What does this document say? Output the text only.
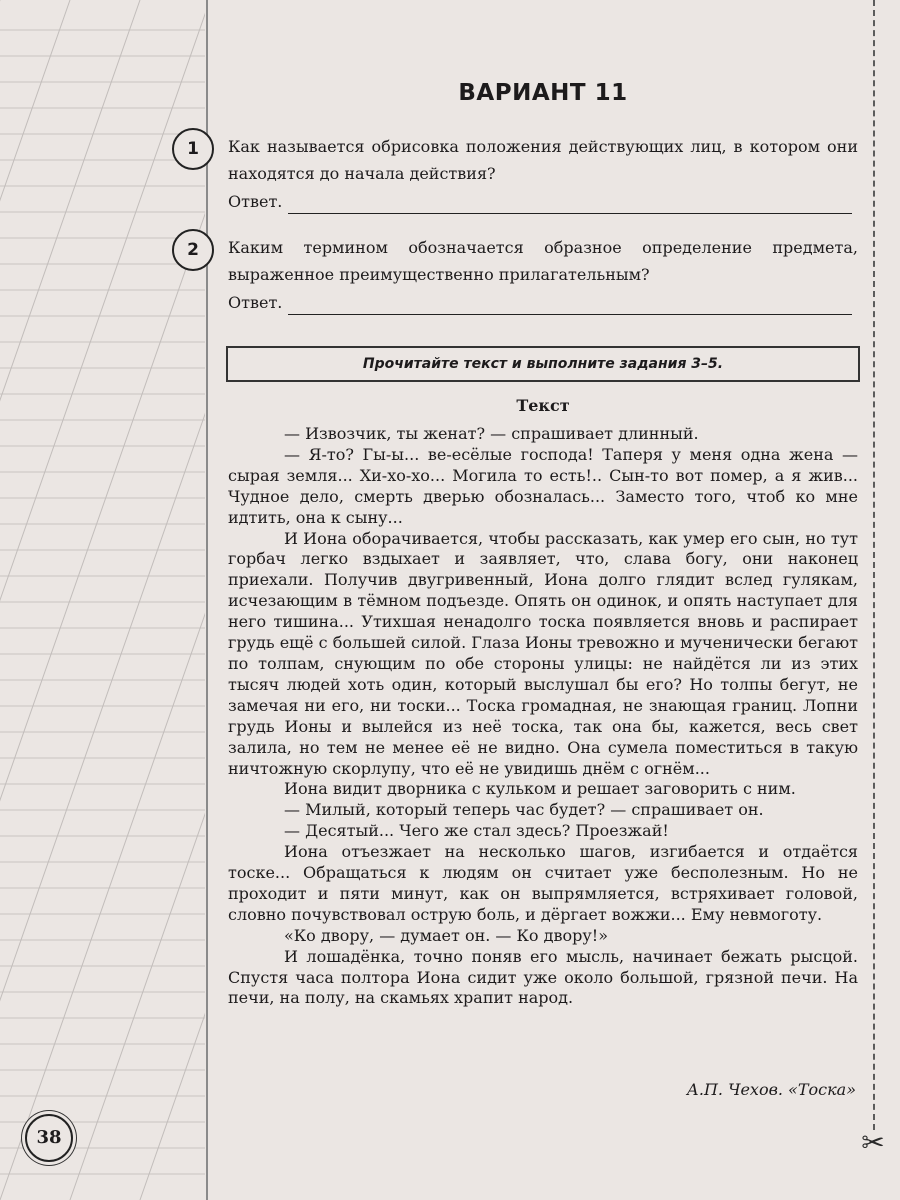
✂
ВАРИАНТ 11
1	Как называется обрисовка положения действующих лиц, в котором они находятся до начала действия?
Ответ.
2	Каким термином обозначается образное определение предмета, выраженное преимущественно прилагательным?
Ответ.
Прочитайте текст и выполните задания 3–5.
Текст

— Извозчик, ты женат? — спрашивает длинный.

— Я-то? Гы-ы... ве-есёлые господа! Таперя у меня одна жена — сырая земля... Хи-хо-хо... Могила то есть!.. Сын-то вот помер, а я жив... Чудное дело, смерть дверью обозналась... Заместо того, чтоб ко мне идтить, она к сыну...

И Иона оборачивается, чтобы рассказать, как умер его сын, но тут горбач легко вздыхает и заявляет, что, слава богу, они наконец приехали. Получив двугривенный, Иона долго глядит вслед гулякам, исчезающим в тёмном подъезде. Опять он одинок, и опять наступает для него тишина... Утихшая ненадолго тоска появляется вновь и распирает грудь ещё с большей силой. Глаза Ионы тревожно и мученически бегают по толпам, снующим по обе стороны улицы: не найдётся ли из этих тысяч людей хоть один, который выслушал бы его? Но толпы бегут, не замечая ни его, ни тоски... Тоска громадная, не знающая границ. Лопни грудь Ионы и вылейся из неё тоска, так она бы, кажется, весь свет залила, но тем не менее её не видно. Она сумела поместиться в такую ничтожную скорлупу, что её не увидишь днём с огнём...

Иона видит дворника с кульком и решает заговорить с ним.

— Милый, который теперь час будет? — спрашивает он.

— Десятый... Чего же стал здесь? Проезжай!

Иона отъезжает на несколько шагов, изгибается и отдаётся тоске... Обращаться к людям он считает уже бесполезным. Но не проходит и пяти минут, как он выпрямляется, встряхивает головой, словно почувствовал острую боль, и дёргает вожжи... Ему невмоготу.

«Ко двору, — думает он. — Ко двору!»

И лошадёнка, точно поняв его мысль, начинает бежать рысцой. Спустя часа полтора Иона сидит уже около большой, грязной печи. На печи, на полу, на скамьях храпит народ.

А.П. Чехов. «Тоска»
38
